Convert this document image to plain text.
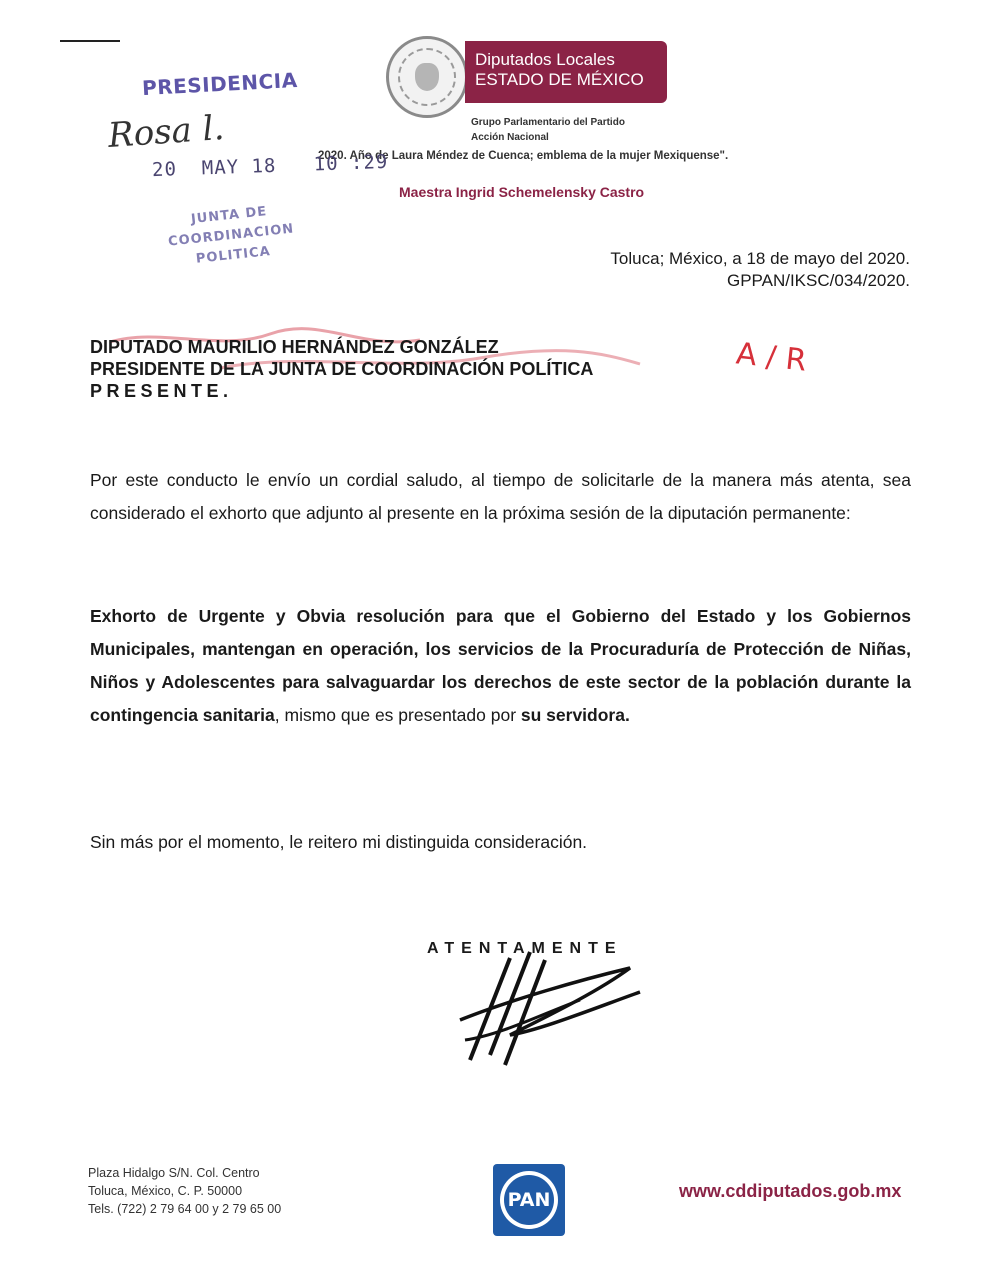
Diputados Locales
ESTADO DE MÉXICO
Grupo Parlamentario del Partido
Acción Nacional
2020. Año de Laura Méndez de Cuenca; emblema de la mujer Mexiquense".
Maestra Ingrid Schemelensky Castro
PRESIDENCIA
Rosa l.
20  MAY 18   10 :29
JUNTA DE
COORDINACION
POLITICA
A / R
Toluca; México, a 18 de mayo del 2020.
GPPAN/IKSC/034/2020.
DIPUTADO MAURILIO HERNÁNDEZ GONZÁLEZ
PRESIDENTE DE LA JUNTA DE COORDINACIÓN POLÍTICA
PRESENTE.
Por este conducto le envío un cordial saludo, al tiempo de solicitarle de la manera más atenta, sea considerado el exhorto que adjunto al presente en la próxima sesión de la diputación permanente:
Exhorto de Urgente y Obvia resolución para que el Gobierno del Estado y los Gobiernos Municipales, mantengan en operación, los servicios de la Procuraduría de Protección de Niñas, Niños y Adolescentes para salvaguardar los derechos de este sector de la población durante la contingencia sanitaria, mismo que es presentado por su servidora.
Sin más por el momento, le reitero mi distinguida consideración.
ATENTAMENTE
Plaza Hidalgo S/N. Col. Centro
Toluca, México, C. P. 50000
Tels. (722) 2 79 64 00 y 2 79 65 00	PAN	www.cddiputados.gob.mx
